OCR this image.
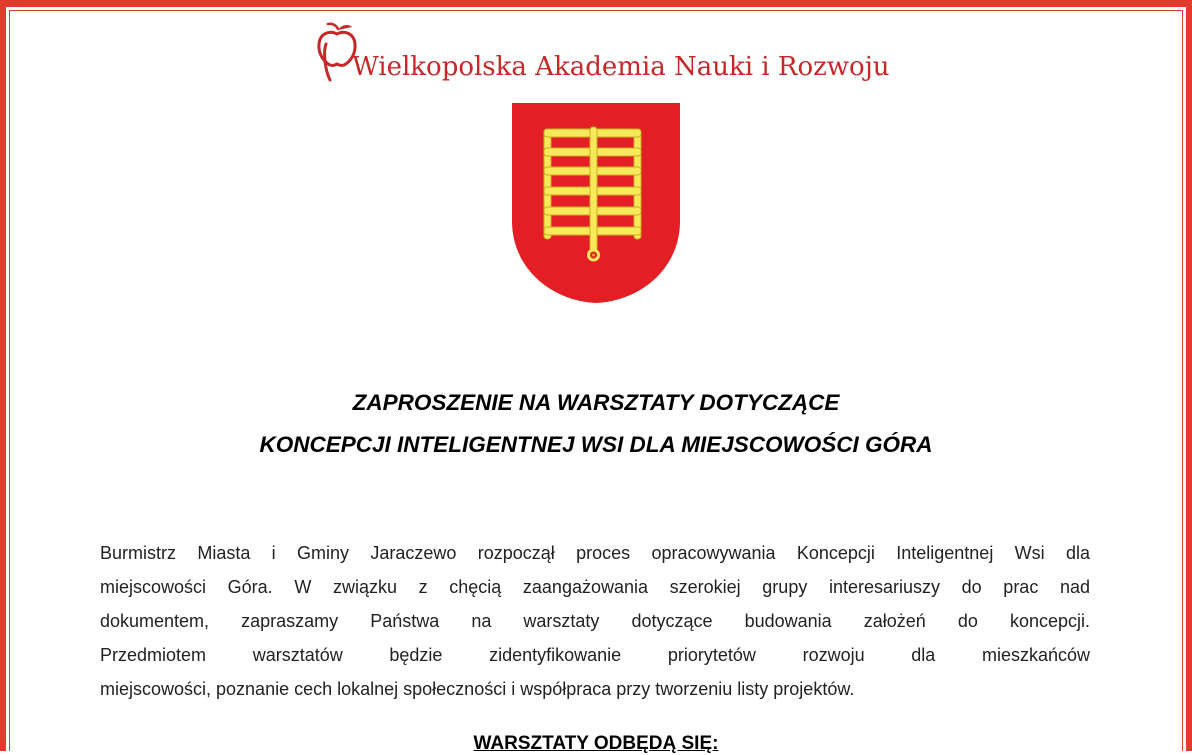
Wielkopolska Akademia Nauki i Rozwoju
ZAPROSZENIE NA WARSZTATY DOTYCZĄCE
KONCEPCJI INTELIGENTNEJ WSI DLA MIEJSCOWOŚCI GÓRA
Burmistrz Miasta i Gminy Jaraczewo rozpoczął proces opracowywania Koncepcji Inteligentnej Wsi dla
miejscowości Góra. W związku z chęcią zaangażowania szerokiej grupy interesariuszy do prac nad
dokumentem, zapraszamy Państwa na warsztaty dotyczące budowania założeń do koncepcji.
Przedmiotem warsztatów będzie zidentyfikowanie priorytetów rozwoju dla mieszkańców
miejscowości, poznanie cech lokalnej społeczności i współpraca przy tworzeniu listy projektów.
WARSZTATY ODBĘDĄ SIĘ:
